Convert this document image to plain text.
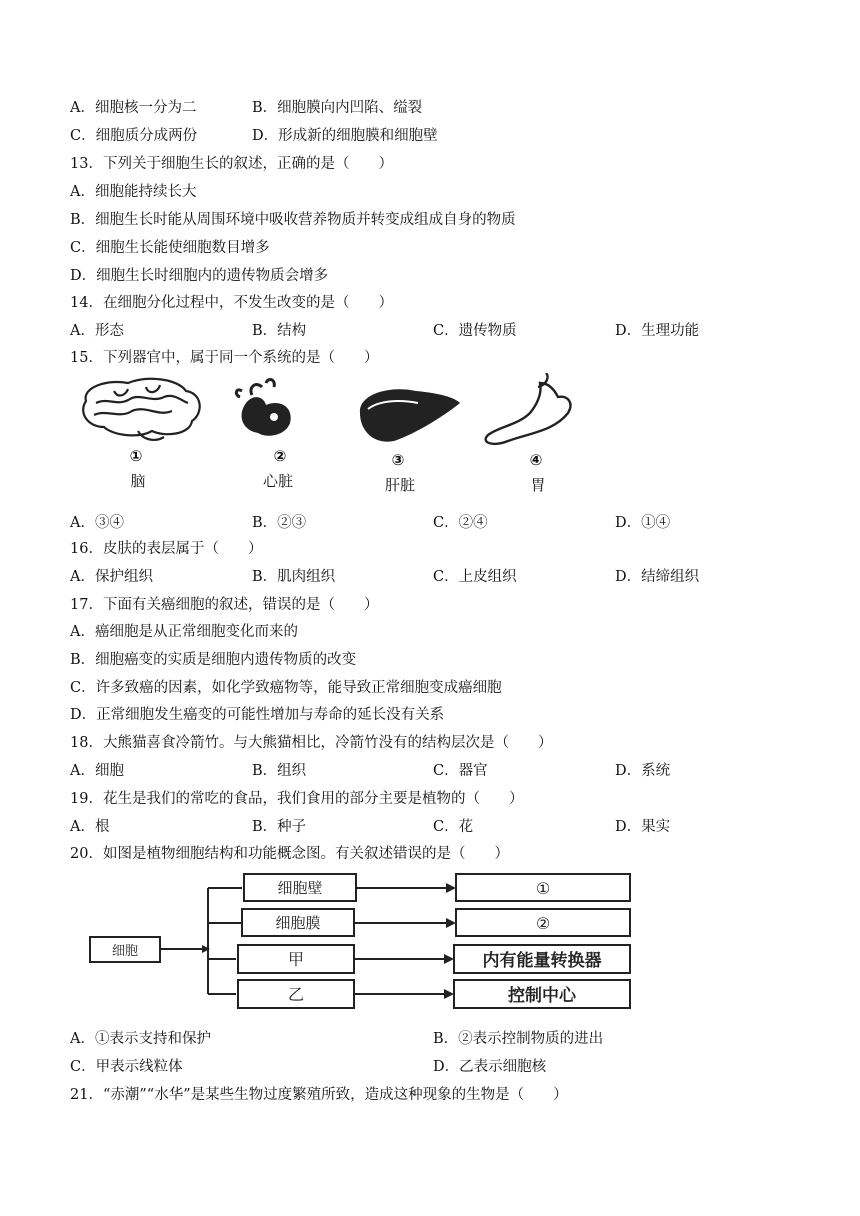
A．细胞核一分为二	B．细胞膜向内凹陷、缢裂
C．细胞质分成两份	D．形成新的细胞膜和细胞壁
13．下列关于细胞生长的叙述，正确的是（　　）
A．细胞能持续长大
B．细胞生长时能从周围环境中吸收营养物质并转变成组成自身的物质
C．细胞生长能使细胞数目增多
D．细胞生长时细胞内的遗传物质会增多
14．在细胞分化过程中，不发生改变的是（　　）
A．形态	B．结构	C．遗传物质	D．生理功能
15．下列器官中，属于同一个系统的是（　　）
①	②	③	④
脑	心脏	肝脏	胃
A．③④	B．②③	C．②④	D．①④
16．皮肤的表层属于（　　）
A．保护组织	B．肌肉组织	C．上皮组织	D．结缔组织
17．下面有关癌细胞的叙述，错误的是（　　）
A．癌细胞是从正常细胞变化而来的
B．细胞癌变的实质是细胞内遗传物质的改变
C．许多致癌的因素，如化学致癌物等，能导致正常细胞变成癌细胞
D．正常细胞发生癌变的可能性增加与寿命的延长没有关系
18．大熊猫喜食冷箭竹。与大熊猫相比，冷箭竹没有的结构层次是（　　）
A．细胞	B．组织	C．器官	D．系统
19．花生是我们的常吃的食品，我们食用的部分主要是植物的（　　）
A．根	B．种子	C．花	D．果实
20．如图是植物细胞结构和功能概念图。有关叙述错误的是（　　）
细胞
细胞壁
细胞膜
甲
乙
①
②
内有能量转换器
控制中心
A．①表示支持和保护	B．②表示控制物质的进出
C．甲表示线粒体	D．乙表示细胞核
21．“赤潮”“水华”是某些生物过度繁殖所致，造成这种现象的生物是（　　）
